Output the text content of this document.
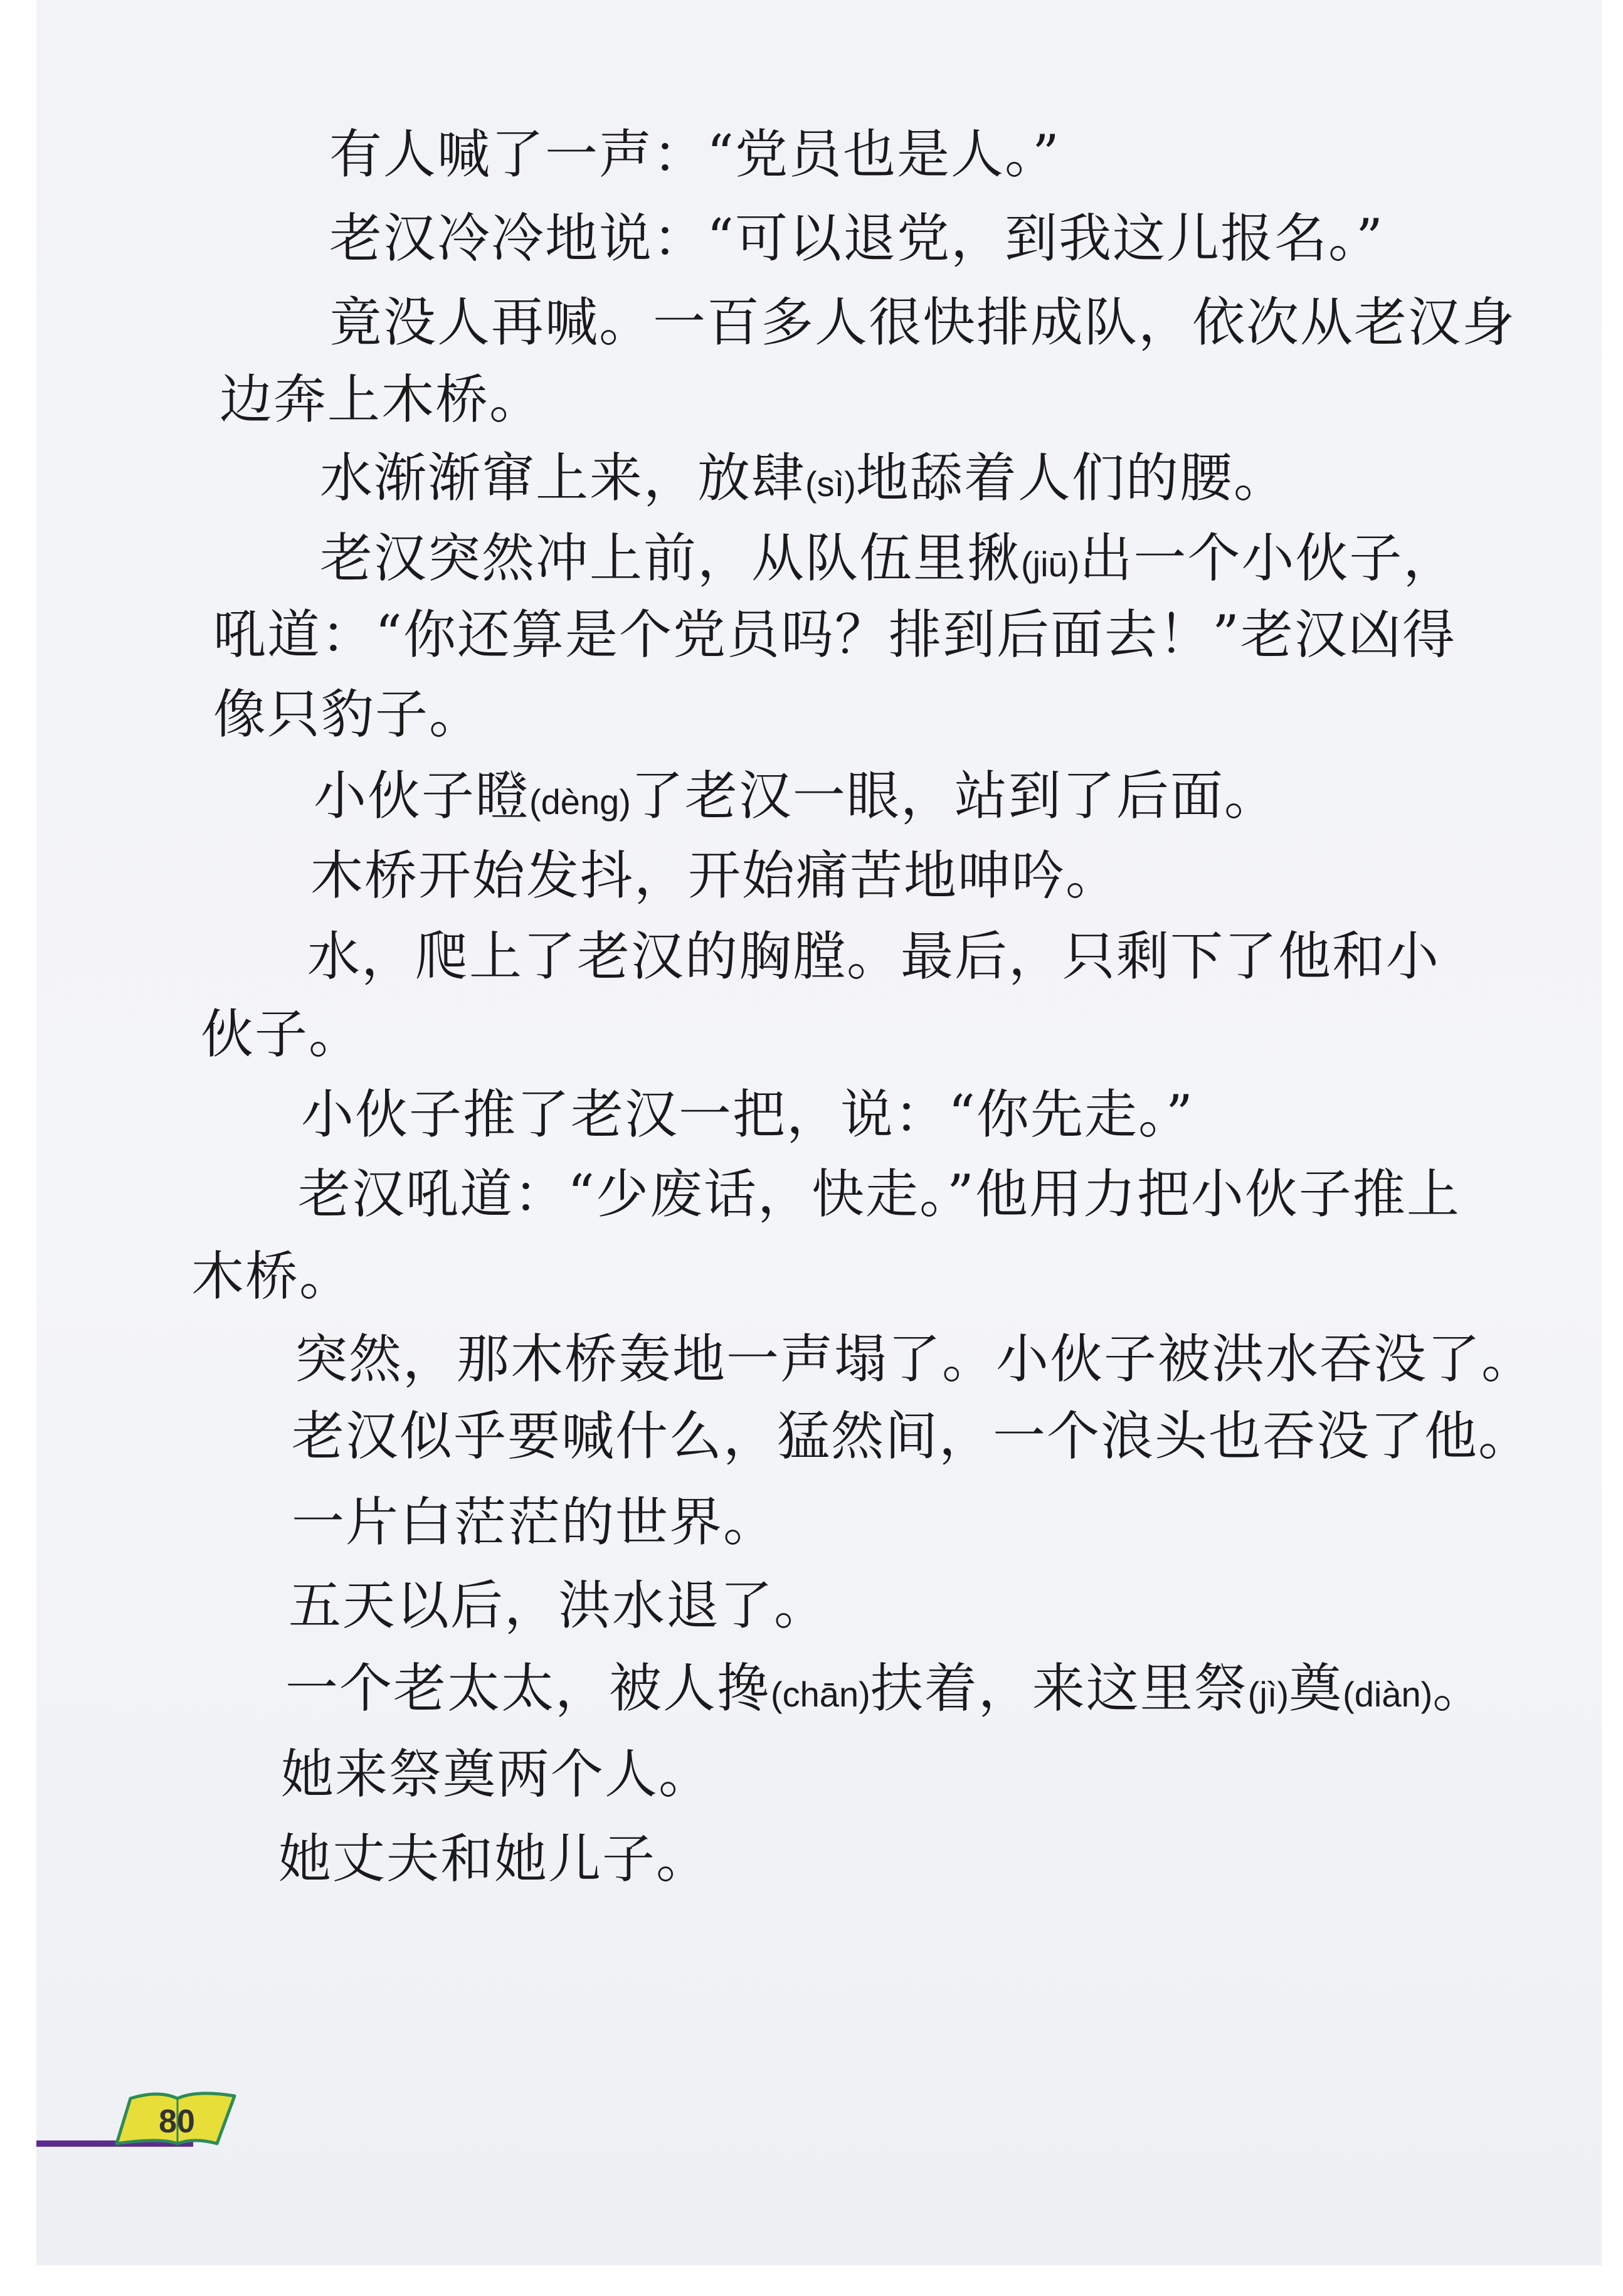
有人喊了一声：“党员也是人。”
老汉冷冷地说：“可以退党，到我这儿报名。”
竟没人再喊。一百多人很快排成队，依次从老汉身
边奔上木桥。
水渐渐窜上来，放肆(sì)地舔着人们的腰。
老汉突然冲上前，从队伍里揪(jiū)出一个小伙子，
吼道：“你还算是个党员吗？排到后面去！”老汉凶得
像只豹子。
小伙子瞪(dèng)了老汉一眼，站到了后面。
木桥开始发抖，开始痛苦地呻吟。
水，爬上了老汉的胸膛。最后，只剩下了他和小
伙子。
小伙子推了老汉一把，说：“你先走。”
老汉吼道：“少废话，快走。”他用力把小伙子推上
木桥。
突然，那木桥轰地一声塌了。小伙子被洪水吞没了。
老汉似乎要喊什么，猛然间，一个浪头也吞没了他。
一片白茫茫的世界。
五天以后，洪水退了。
一个老太太，被人搀(chān)扶着，来这里祭(jì)奠(diàn)。
她来祭奠两个人。
她丈夫和她儿子。
80
